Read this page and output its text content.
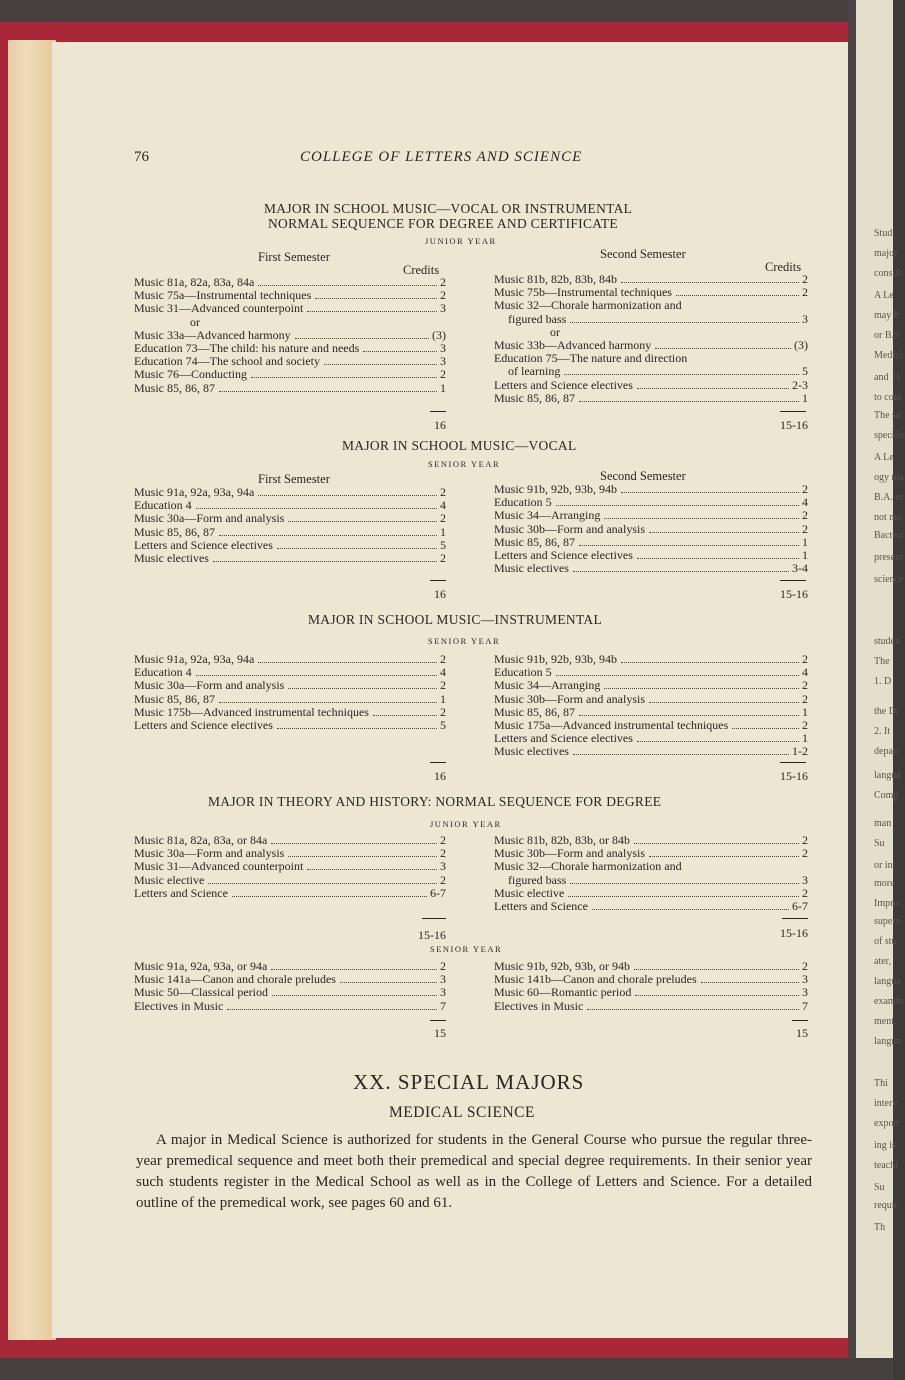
Stud
major
consult
A Le
may b
or B.S
Medici
and 11
to com
The sa
specifie
A Le
ogy ma
B.A. or
not mo
Bacteri
present
science
studen
The
1. D
the Di
2. It
depart
langua
Comp
man
Su
or in
more
Impro
superv
of stu
ater,
langua
examin
ment.
langua
Thi
interv
export
ing is
teachi
Su
requir
Th
76	COLLEGE OF LETTERS AND SCIENCE
MAJOR IN SCHOOL MUSIC—VOCAL OR INSTRUMENTAL
NORMAL SEQUENCE FOR DEGREE AND CERTIFICATE
JUNIOR YEAR
First Semester	Second Semester
Credits	Credits
16	15-16
MAJOR IN SCHOOL MUSIC—VOCAL
SENIOR YEAR
First Semester	Second Semester
16	15-16
MAJOR IN SCHOOL MUSIC—INSTRUMENTAL
SENIOR YEAR
16	15-16
MAJOR IN THEORY AND HISTORY: NORMAL SEQUENCE FOR DEGREE
JUNIOR YEAR
15-16	15-16
SENIOR YEAR
15	15
XX. SPECIAL MAJORS
MEDICAL SCIENCE
A major in Medical Science is authorized for students in the General Course who pursue the regular three-year premedical sequence and meet both their premedical and special degree requirements. In their senior year such students register in the Medical School as well as in the College of Letters and Science. For a detailed outline of the premedical work, see pages 60 and 61.
Music 81a, 82a, 83a, 84a	2
Music 75a—Instrumental techniques	2
Music 31—Advanced counterpoint	3
or
Music 33a—Advanced harmony	(3)
Education 73—The child: his nature and needs	3
Education 74—The school and society	3
Music 76—Conducting	2
Music 85, 86, 87	1
Music 81b, 82b, 83b, 84b	2
Music 75b—Instrumental techniques	2
Music 32—Chorale harmonization and
figured bass	3
or
Music 33b—Advanced harmony	(3)
Education 75—The nature and direction
of learning	5
Letters and Science electives	2-3
Music 85, 86, 87	1
Music 91a, 92a, 93a, 94a	2
Education 4	4
Music 30a—Form and analysis	2
Music 85, 86, 87	1
Letters and Science electives	5
Music electives	2
Music 91b, 92b, 93b, 94b	2
Education 5	4
Music 34—Arranging	2
Music 30b—Form and analysis	2
Music 85, 86, 87	1
Letters and Science electives	1
Music electives	3-4
Music 91a, 92a, 93a, 94a	2
Education 4	4
Music 30a—Form and analysis	2
Music 85, 86, 87	1
Music 175b—Advanced instrumental techniques	2
Letters and Science electives	5
Music 91b, 92b, 93b, 94b	2
Education 5	4
Music 34—Arranging	2
Music 30b—Form and analysis	2
Music 85, 86, 87	1
Music 175a—Advanced instrumental techniques	2
Letters and Science electives	1
Music electives	1-2
Music 81a, 82a, 83a, or 84a	2
Music 30a—Form and analysis	2
Music 31—Advanced counterpoint	3
Music elective	2
Letters and Science	6-7
Music 81b, 82b, 83b, or 84b	2
Music 30b—Form and analysis	2
Music 32—Chorale harmonization and
figured bass	3
Music elective	2
Letters and Science	6-7
Music 91a, 92a, 93a, or 94a	2
Music 141a—Canon and chorale preludes	3
Music 50—Classical period	3
Electives in Music	7
Music 91b, 92b, 93b, or 94b	2
Music 141b—Canon and chorale preludes	3
Music 60—Romantic period	3
Electives in Music	7
